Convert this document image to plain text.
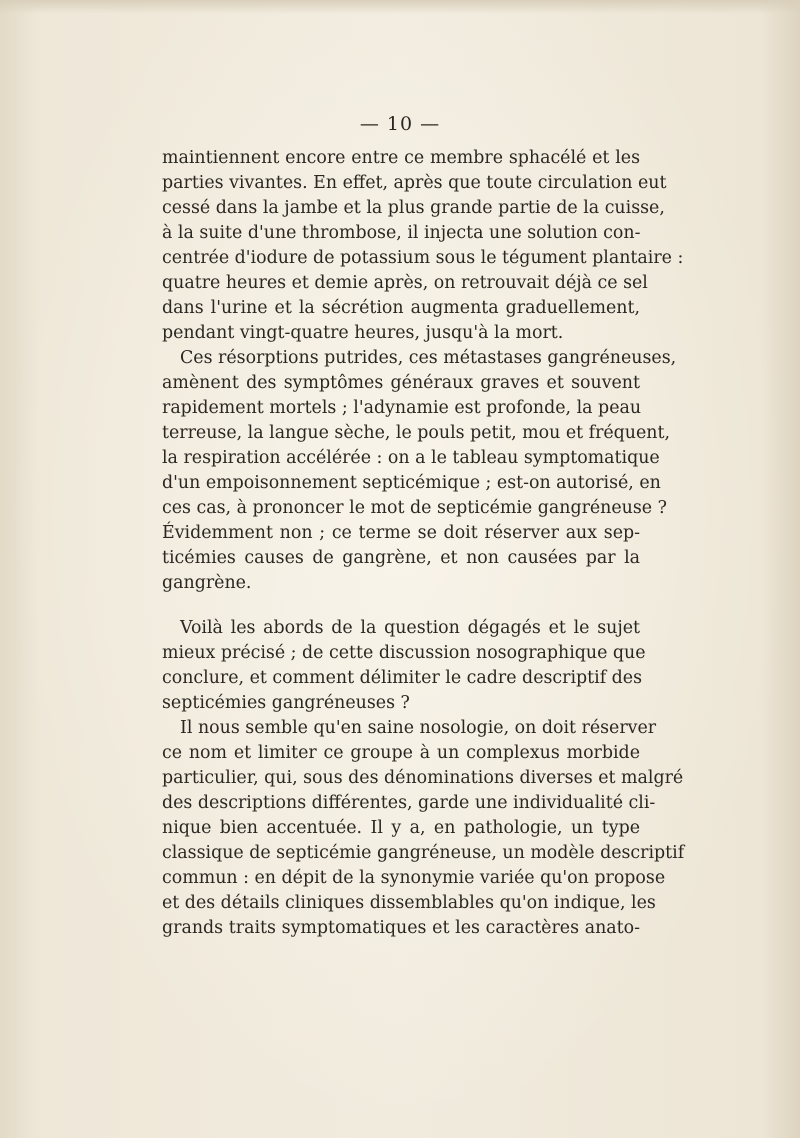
— 10 —
maintiennent encore entre ce membre sphacélé et les
parties vivantes. En effet, après que toute circulation eut
cessé dans la jambe et la plus grande partie de la cuisse,
à la suite d'une thrombose, il injecta une solution con-
centrée d'iodure de potassium sous le tégument plantaire :
quatre heures et demie après, on retrouvait déjà ce sel
dans l'urine et la sécrétion augmenta graduellement,
pendant vingt-quatre heures, jusqu'à la mort.
Ces résorptions putrides, ces métastases gangréneuses,
amènent des symptômes généraux graves et souvent
rapidement mortels ; l'adynamie est profonde, la peau
terreuse, la langue sèche, le pouls petit, mou et fréquent,
la respiration accélérée : on a le tableau symptomatique
d'un empoisonnement septicémique ; est-on autorisé, en
ces cas, à prononcer le mot de septicémie gangréneuse ?
Évidemment non ; ce terme se doit réserver aux sep-
ticémies causes de gangrène, et non causées par la
gangrène.
Voilà les abords de la question dégagés et le sujet
mieux précisé ; de cette discussion nosographique que
conclure, et comment délimiter le cadre descriptif des
septicémies gangréneuses ?
Il nous semble qu'en saine nosologie, on doit réserver
ce nom et limiter ce groupe à un complexus morbide
particulier, qui, sous des dénominations diverses et malgré
des descriptions différentes, garde une individualité cli-
nique bien accentuée. Il y a, en pathologie, un type
classique de septicémie gangréneuse, un modèle descriptif
commun : en dépit de la synonymie variée qu'on propose
et des détails cliniques dissemblables qu'on indique, les
grands traits symptomatiques et les caractères anato-
